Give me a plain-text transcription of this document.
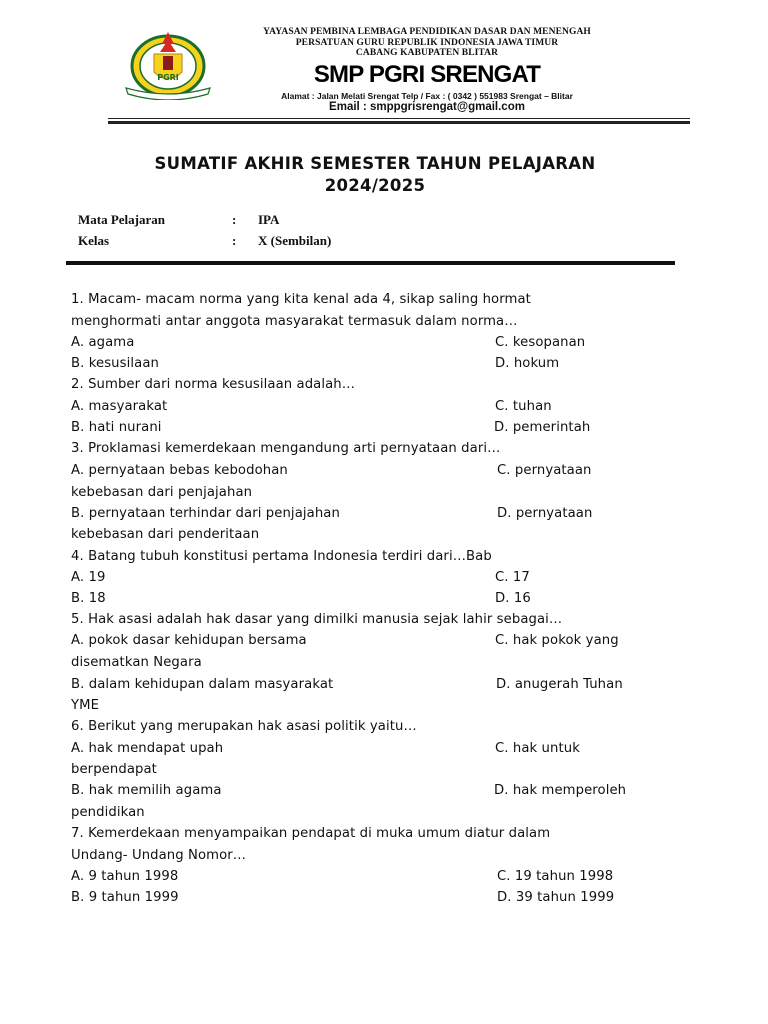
PGRI
YAYASAN PEMBINA LEMBAGA PENDIDIKAN DASAR DAN MENENGAH
PERSATUAN GURU REPUBLIK INDONESIA JAWA TIMUR
CABANG KABUPATEN BLITAR
SMP PGRI SRENGAT
Alamat : Jalan Melati Srengat Telp / Fax : ( 0342 ) 551983 Srengat – Blitar
Email : smppgrisrengat@gmail.com
SUMATIF AKHIR SEMESTER TAHUN PELAJARAN
2024/2025
Mata Pelajaran	: IPA
Kelas	: X (Sembilan)
1. Macam- macam norma yang kita kenal ada 4, sikap saling hormat
menghormati antar anggota masyarakat termasuk dalam norma…
A. agama	C. kesopanan
B. kesusilaan	D. hokum
2. Sumber dari norma kesusilaan adalah…
A. masyarakat	C. tuhan
B. hati nurani	D. pemerintah
3. Proklamasi kemerdekaan mengandung arti pernyataan dari…
A. pernyataan bebas kebodohan	C. pernyataan
kebebasan dari penjajahan
B. pernyataan terhindar dari penjajahan	D. pernyataan
kebebasan dari penderitaan
4. Batang tubuh konstitusi pertama Indonesia terdiri dari…Bab
A. 19	C. 17
B. 18	D. 16
5. Hak asasi adalah hak dasar yang dimilki manusia sejak lahir sebagai…
A. pokok dasar kehidupan bersama	C. hak pokok yang
disematkan Negara
B. dalam kehidupan dalam masyarakat	D. anugerah Tuhan
YME
6. Berikut yang merupakan hak asasi politik yaitu…
A. hak mendapat upah	C. hak untuk
berpendapat
B. hak memilih agama	D. hak memperoleh
pendidikan
7. Kemerdekaan menyampaikan pendapat di muka umum diatur dalam
Undang- Undang Nomor…
A. 9 tahun 1998	C. 19 tahun 1998
B. 9 tahun 1999	D. 39 tahun 1999
